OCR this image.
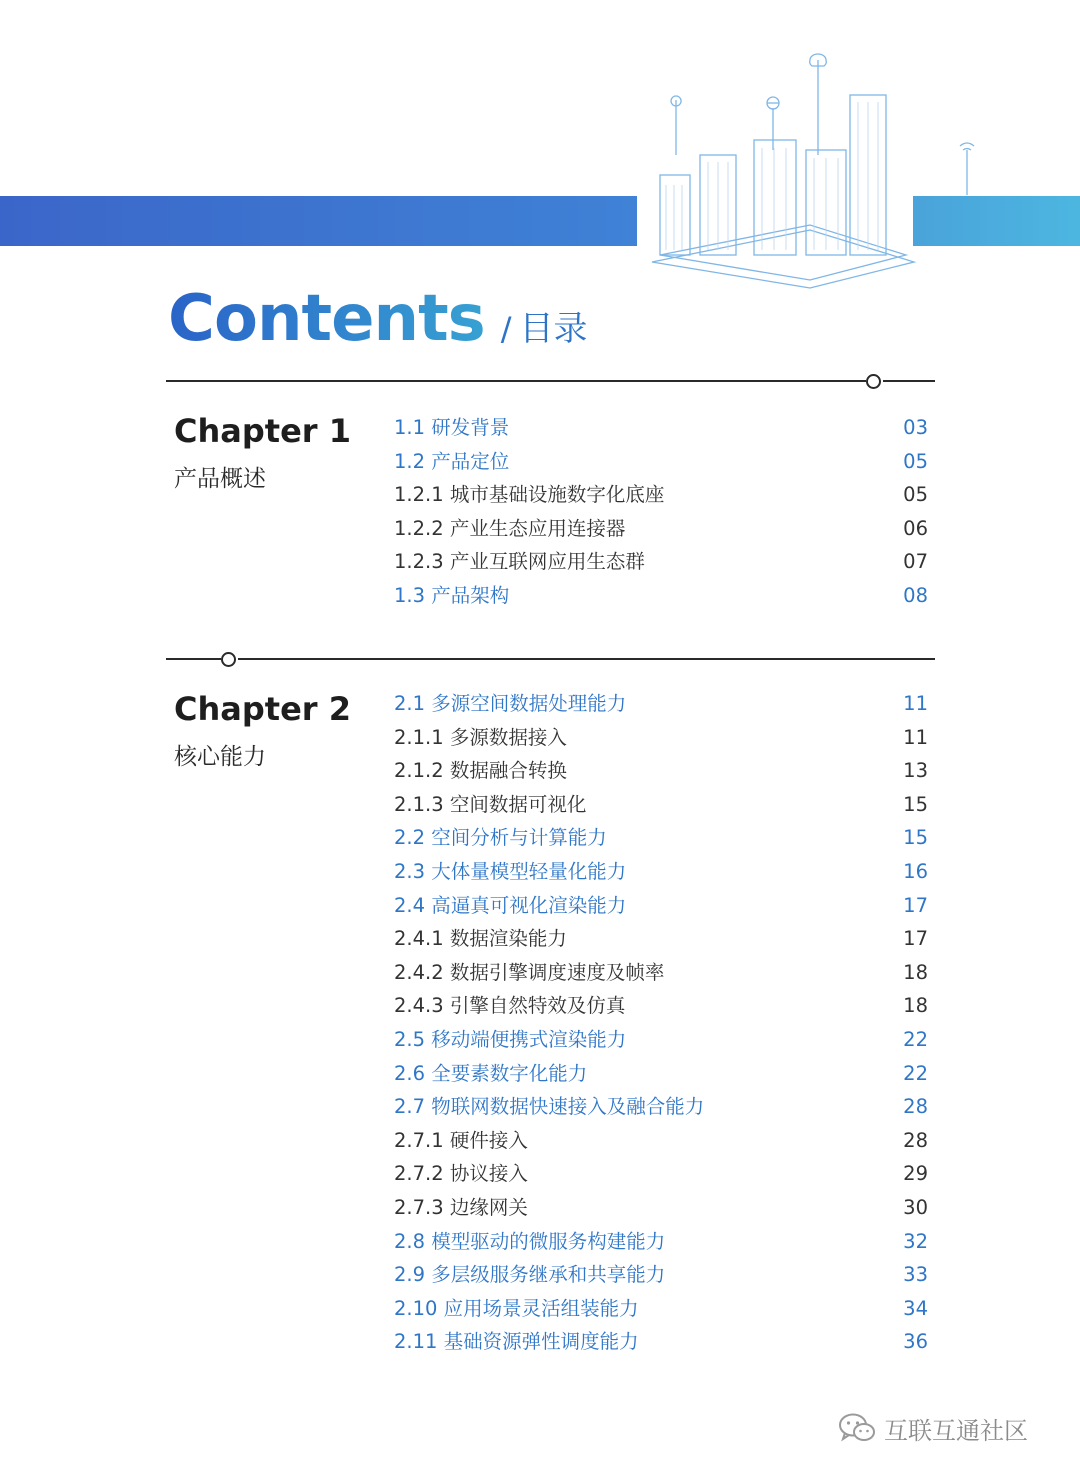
Contents / 目录
Chapter 1
产品概述
1.1 研发背景	03
1.2 产品定位	05
1.2.1 城市基础设施数字化底座	05
1.2.2 产业生态应用连接器	06
1.2.3 产业互联网应用生态群	07
1.3 产品架构	08
Chapter 2
核心能力
2.1 多源空间数据处理能力	11
2.1.1 多源数据接入	11
2.1.2 数据融合转换	13
2.1.3 空间数据可视化	15
2.2 空间分析与计算能力	15
2.3 大体量模型轻量化能力	16
2.4 高逼真可视化渲染能力	17
2.4.1 数据渲染能力	17
2.4.2 数据引擎调度速度及帧率	18
2.4.3 引擎自然特效及仿真	18
2.5 移动端便携式渲染能力	22
2.6 全要素数字化能力	22
2.7 物联网数据快速接入及融合能力	28
2.7.1 硬件接入	28
2.7.2 协议接入	29
2.7.3 边缘网关	30
2.8 模型驱动的微服务构建能力	32
2.9 多层级服务继承和共享能力	33
2.10 应用场景灵活组装能力	34
2.11 基础资源弹性调度能力	36
互联互通社区
